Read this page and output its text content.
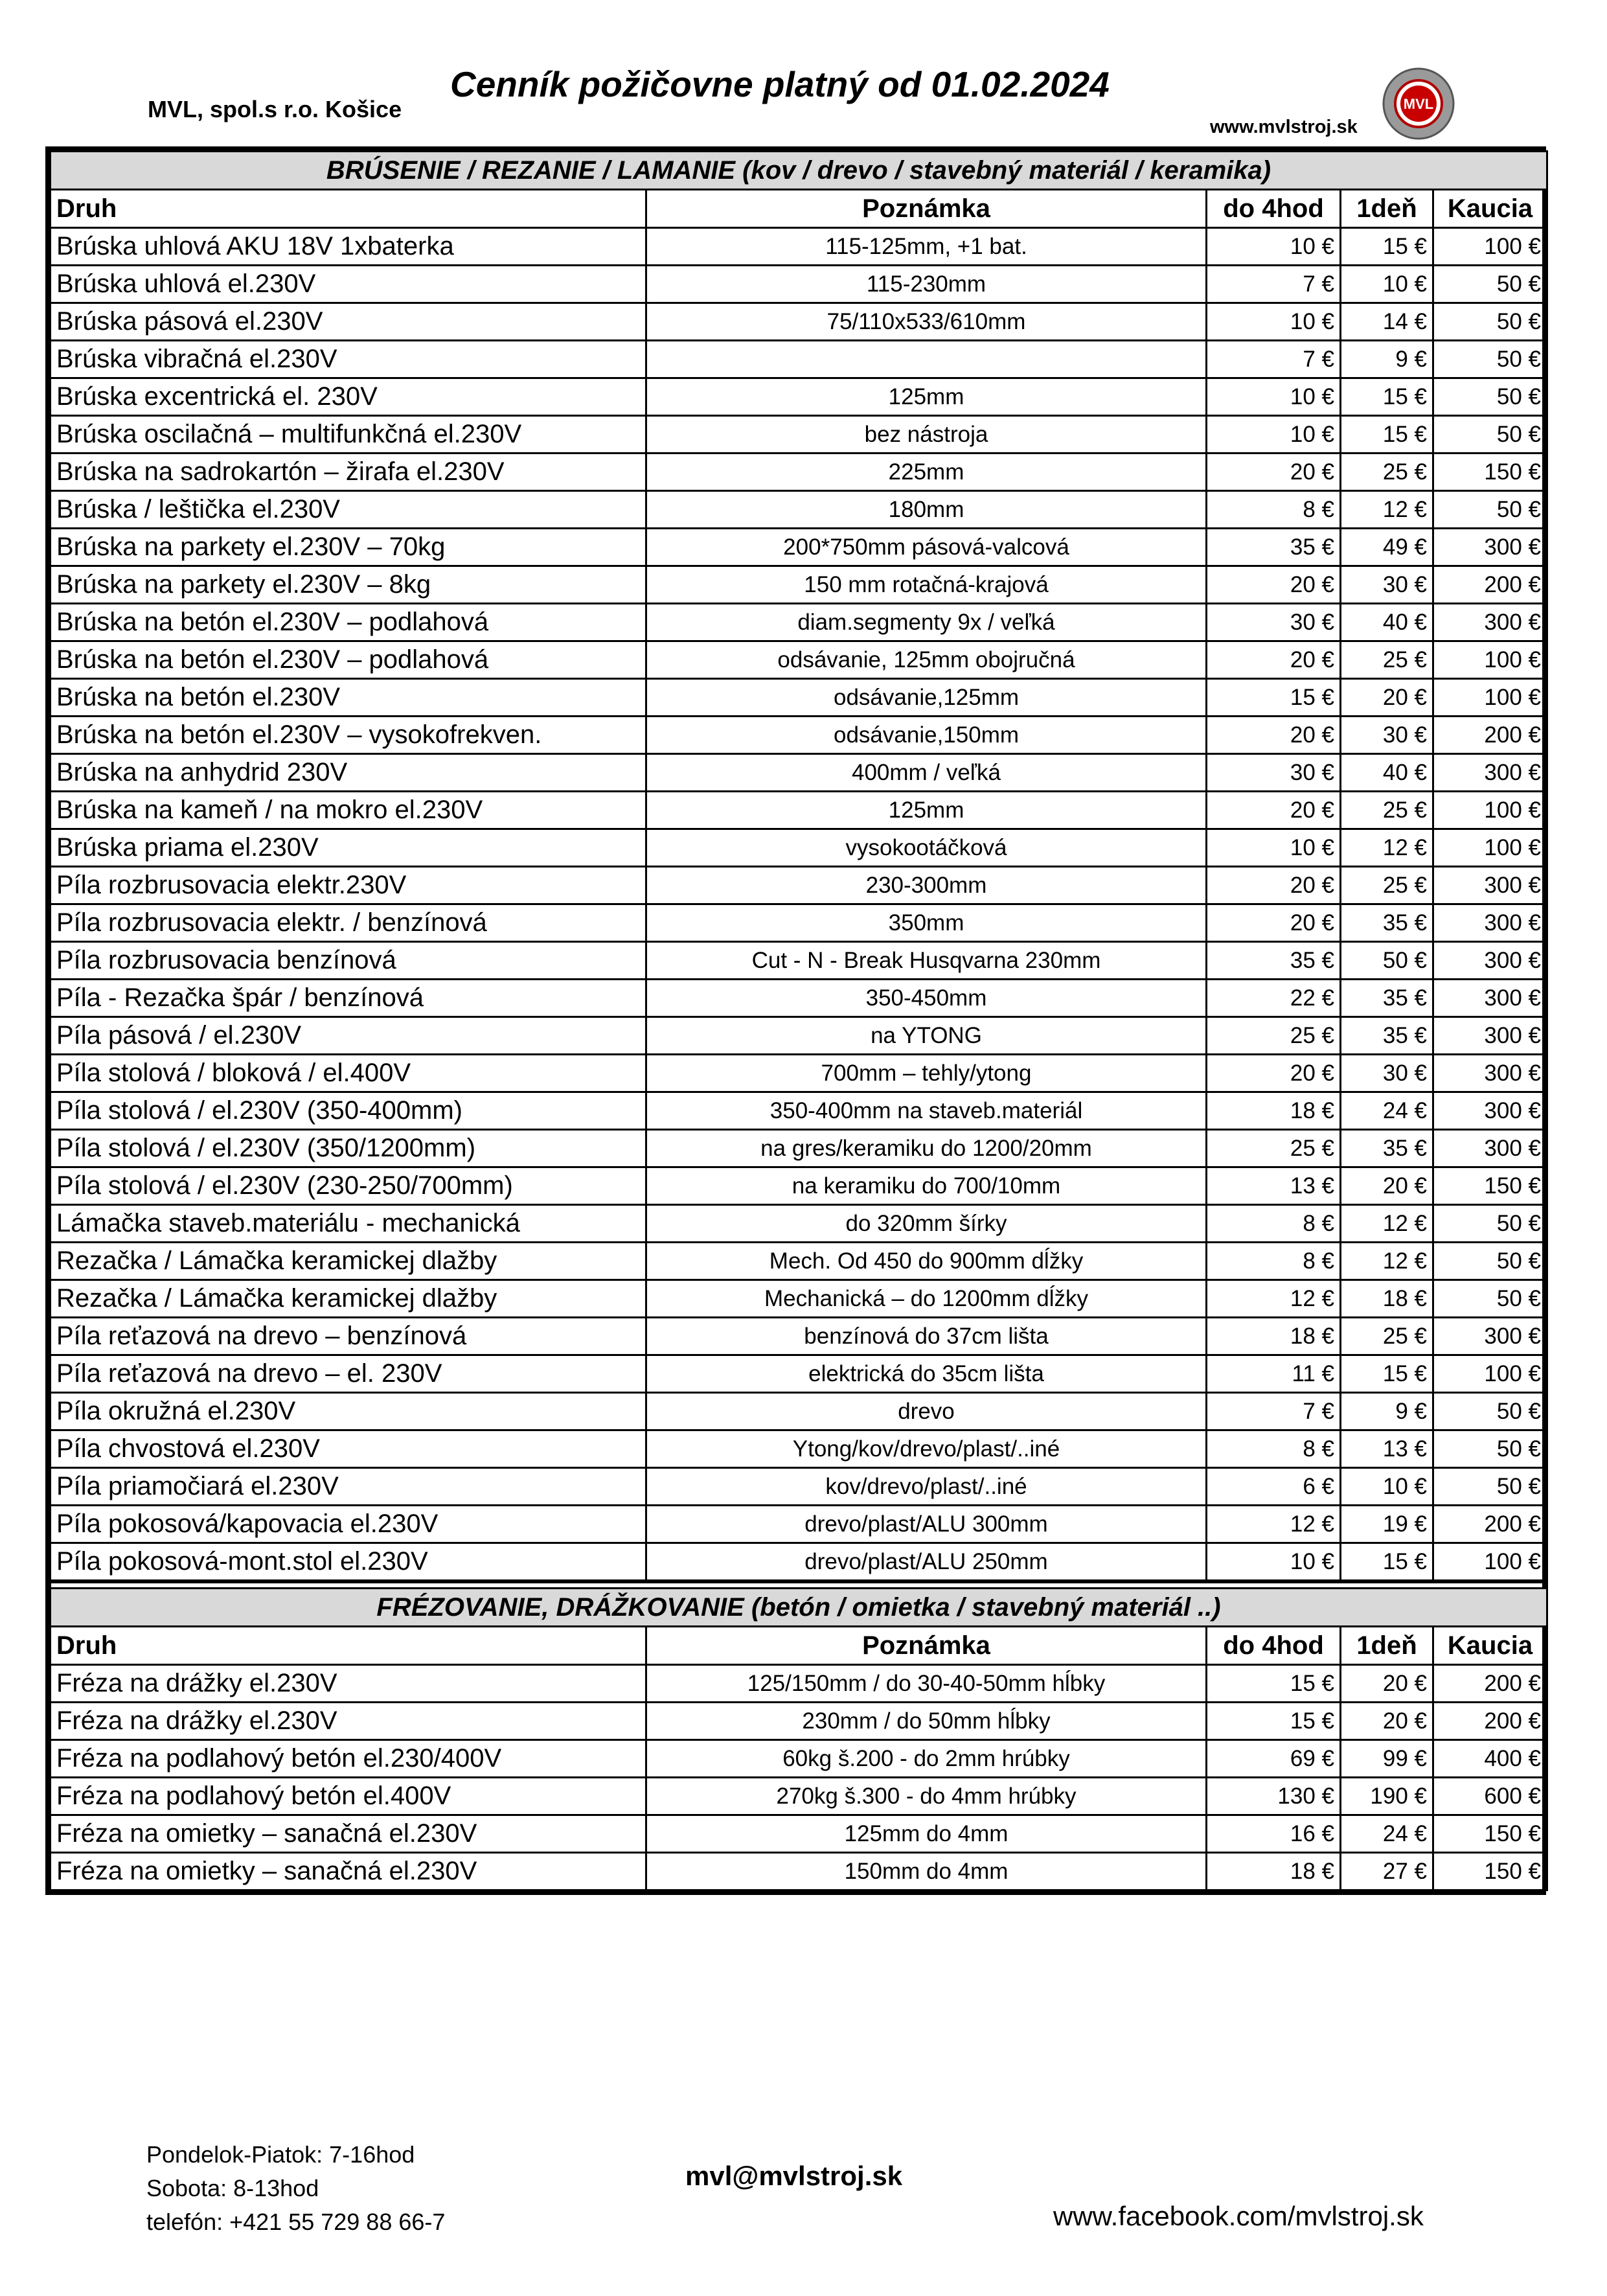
MVL, spol.s r.o. Košice
Cenník požičovne platný od 01.02.2024
www.mvlstroj.sk
MVL
BRÚSENIE / REZANIE / LAMANIE (kov / drevo / stavebný materiál / keramika)				
Druh	Poznámka	do 4hod	1deň	Kaucia
Brúska uhlová AKU 18V 1xbaterka	115-125mm, +1 bat.	10 €	15 €	100 €
Brúska uhlová el.230V	115-230mm	7 €	10 €	50 €
Brúska pásová el.230V	75/110x533/610mm	10 €	14 €	50 €
Brúska vibračná el.230V		7 €	9 €	50 €
Brúska excentrická el. 230V	125mm	10 €	15 €	50 €
Brúska oscilačná – multifunkčná el.230V	bez nástroja	10 €	15 €	50 €
Brúska na sadrokartón – žirafa el.230V	225mm	20 €	25 €	150 €
Brúska / leštička el.230V	180mm	8 €	12 €	50 €
Brúska na parkety el.230V – 70kg	200*750mm pásová-valcová	35 €	49 €	300 €
Brúska na parkety el.230V – 8kg	150 mm rotačná-krajová	20 €	30 €	200 €
Brúska na betón el.230V – podlahová	diam.segmenty 9x / veľká	30 €	40 €	300 €
Brúska na betón el.230V – podlahová	odsávanie, 125mm obojručná	20 €	25 €	100 €
Brúska na betón el.230V	odsávanie,125mm	15 €	20 €	100 €
Brúska na betón el.230V – vysokofrekven.	odsávanie,150mm	20 €	30 €	200 €
Brúska na anhydrid 230V	400mm / veľká	30 €	40 €	300 €
Brúska na kameň / na mokro el.230V	125mm	20 €	25 €	100 €
Brúska priama el.230V	vysokootáčková	10 €	12 €	100 €
Píla rozbrusovacia elektr.230V	230-300mm	20 €	25 €	300 €
Píla rozbrusovacia elektr. / benzínová	350mm	20 €	35 €	300 €
Píla rozbrusovacia benzínová	Cut - N - Break Husqvarna 230mm	35 €	50 €	300 €
Píla - Rezačka špár / benzínová	350-450mm	22 €	35 €	300 €
Píla pásová / el.230V	na YTONG	25 €	35 €	300 €
Píla stolová / bloková / el.400V	700mm – tehly/ytong	20 €	30 €	300 €
Píla stolová / el.230V (350-400mm)	350-400mm na staveb.materiál	18 €	24 €	300 €
Píla stolová / el.230V (350/1200mm)	na gres/keramiku do 1200/20mm	25 €	35 €	300 €
Píla stolová / el.230V (230-250/700mm)	na keramiku do 700/10mm	13 €	20 €	150 €
Lámačka staveb.materiálu - mechanická	do 320mm šírky	8 €	12 €	50 €
Rezačka / Lámačka keramickej dlažby	Mech. Od 450 do 900mm dĺžky	8 €	12 €	50 €
Rezačka / Lámačka keramickej dlažby	Mechanická – do 1200mm dĺžky	12 €	18 €	50 €
Píla reťazová na drevo – benzínová	benzínová do 37cm lišta	18 €	25 €	300 €
Píla reťazová na drevo – el. 230V	elektrická do 35cm lišta	11 €	15 €	100 €
Píla okružná el.230V	drevo	7 €	9 €	50 €
Píla chvostová el.230V	Ytong/kov/drevo/plast/..iné	8 €	13 €	50 €
Píla priamočiará el.230V	kov/drevo/plast/..iné	6 €	10 €	50 €
Píla pokosová/kapovacia el.230V	drevo/plast/ALU 300mm	12 €	19 €	200 €
Píla pokosová-mont.stol el.230V	drevo/plast/ALU 250mm	10 €	15 €	100 €

FRÉZOVANIE, DRÁŽKOVANIE (betón / omietka / stavebný materiál ..)				
Druh	Poznámka	do 4hod	1deň	Kaucia
Fréza na drážky el.230V	125/150mm / do 30-40-50mm hĺbky	15 €	20 €	200 €
Fréza na drážky el.230V	230mm / do 50mm hĺbky	15 €	20 €	200 €
Fréza na podlahový betón el.230/400V	60kg š.200 - do 2mm hrúbky	69 €	99 €	400 €
Fréza na podlahový betón el.400V	270kg š.300 - do 4mm hrúbky	130 €	190 €	600 €
Fréza na omietky – sanačná el.230V	125mm do 4mm	16 €	24 €	150 €
Fréza na omietky – sanačná el.230V	150mm do 4mm	18 €	27 €	150 €
Pondelok-Piatok: 7-16hod
Sobota: 8-13hod
telefón: +421 55 729 88 66-7
mvl@mvlstroj.sk
www.facebook.com/mvlstroj.sk
